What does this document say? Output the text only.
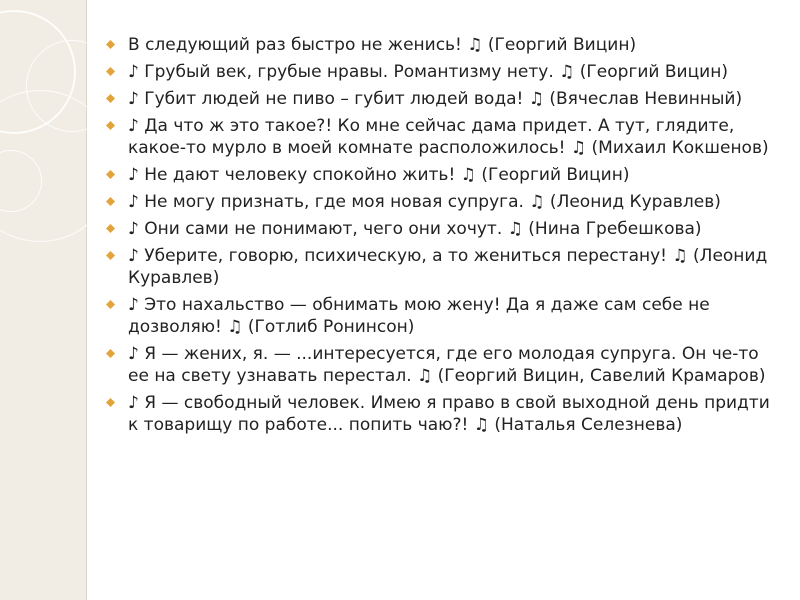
В следующий раз быстро не женись! ♫ (Георгий Вицин)
♪ Грубый век, грубые нравы. Романтизму нету. ♫ (Георгий Вицин)
♪ Губит людей не пиво – губит людей вода! ♫ (Вячеслав Невинный)
♪ Да что ж это такое?! Ко мне сейчас дама придет. А тут, глядите, какое-то мурло в моей комнате расположилось! ♫ (Михаил Кокшенов)
♪ Не дают человеку спокойно жить! ♫ (Георгий Вицин)
♪ Не могу признать, где моя новая супруга. ♫ (Леонид Куравлев)
♪ Они сами не понимают, чего они хочут. ♫ (Нина Гребешкова)
♪ Уберите, говорю, психическую, а то жениться перестану! ♫ (Леонид Куравлев)
♪ Это нахальство — обнимать мою жену! Да я даже сам себе не дозволяю! ♫ (Готлиб Ронинсон)
♪ Я — жених, я. — ...интересуется, где его молодая супруга. Он че-то ее на свету узнавать перестал. ♫ (Георгий Вицин, Савелий Крамаров)
♪ Я — свободный человек. Имею я право в свой выходной день придти к товарищу по работе... попить чаю?! ♫ (Наталья Селезнева)
